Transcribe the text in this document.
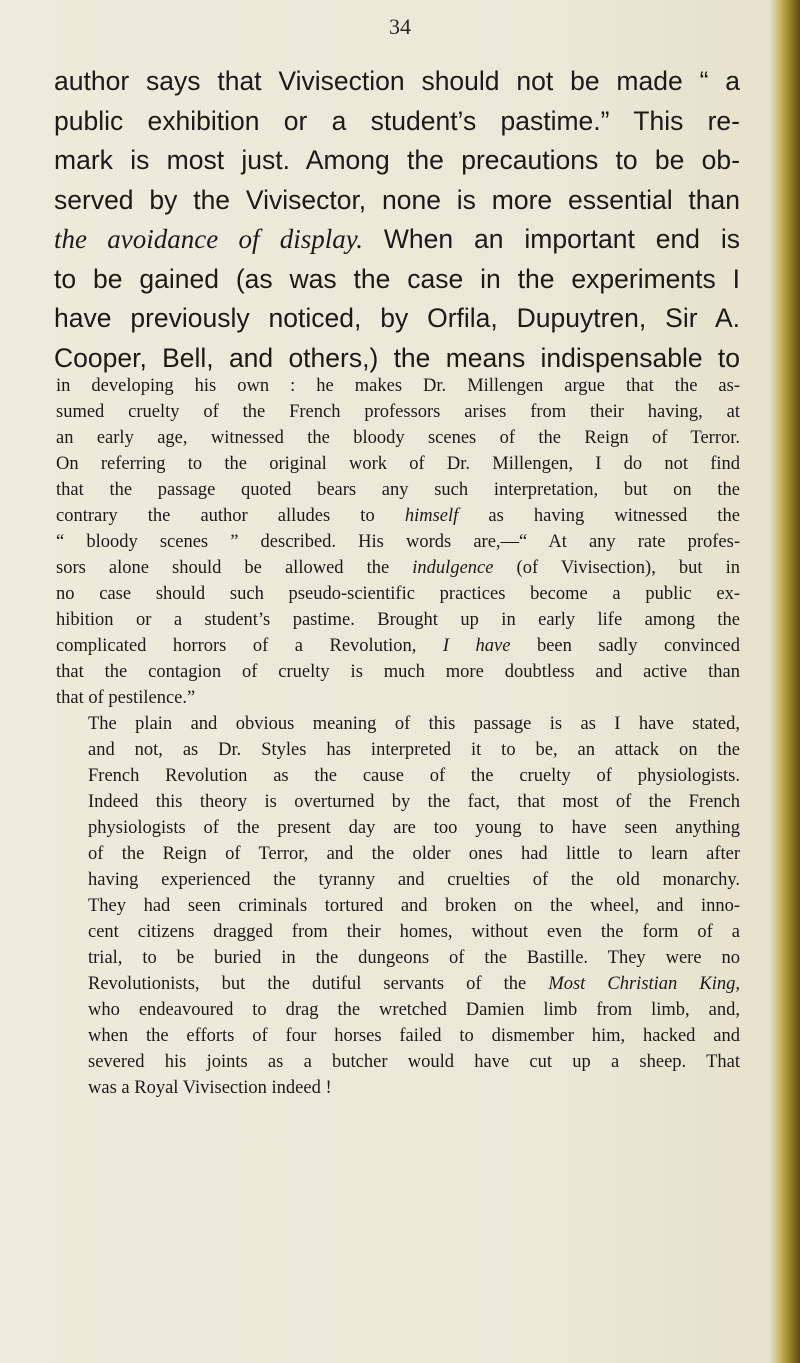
34
author says that Vivisection should not be made “ a
public exhibition or a student’s pastime.” This re-
mark is most just. Among the precautions to be ob-
served by the Vivisector, none is more essential than
the avoidance of display. When an important end is
to be gained (as was the case in the experiments I
have previously noticed, by Orfila, Dupuytren, Sir A.
Cooper, Bell, and others,) the means indispensable to

in developing his own : he makes Dr. Millengen argue that the as-
sumed cruelty of the French professors arises from their having, at
an early age, witnessed the bloody scenes of the Reign of Terror.
On referring to the original work of Dr. Millengen, I do not find
that the passage quoted bears any such interpretation, but on the
contrary the author alludes to himself as having witnessed the
“ bloody scenes ” described. His words are,—“ At any rate profes-
sors alone should be allowed the indulgence (of Vivisection), but in
no case should such pseudo-scientific practices become a public ex-
hibition or a student’s pastime. Brought up in early life among the
complicated horrors of a Revolution, I have been sadly convinced
that the contagion of cruelty is much more doubtless and active than
that of pestilence.”

The plain and obvious meaning of this passage is as I have stated,
and not, as Dr. Styles has interpreted it to be, an attack on the
French Revolution as the cause of the cruelty of physiologists.
Indeed this theory is overturned by the fact, that most of the French
physiologists of the present day are too young to have seen anything
of the Reign of Terror, and the older ones had little to learn after
having experienced the tyranny and cruelties of the old monarchy.
They had seen criminals tortured and broken on the wheel, and inno-
cent citizens dragged from their homes, without even the form of a
trial, to be buried in the dungeons of the Bastille. They were no
Revolutionists, but the dutiful servants of the Most Christian King,
who endeavoured to drag the wretched Damien limb from limb, and,
when the efforts of four horses failed to dismember him, hacked and
severed his joints as a butcher would have cut up a sheep. That
was a Royal Vivisection indeed !
